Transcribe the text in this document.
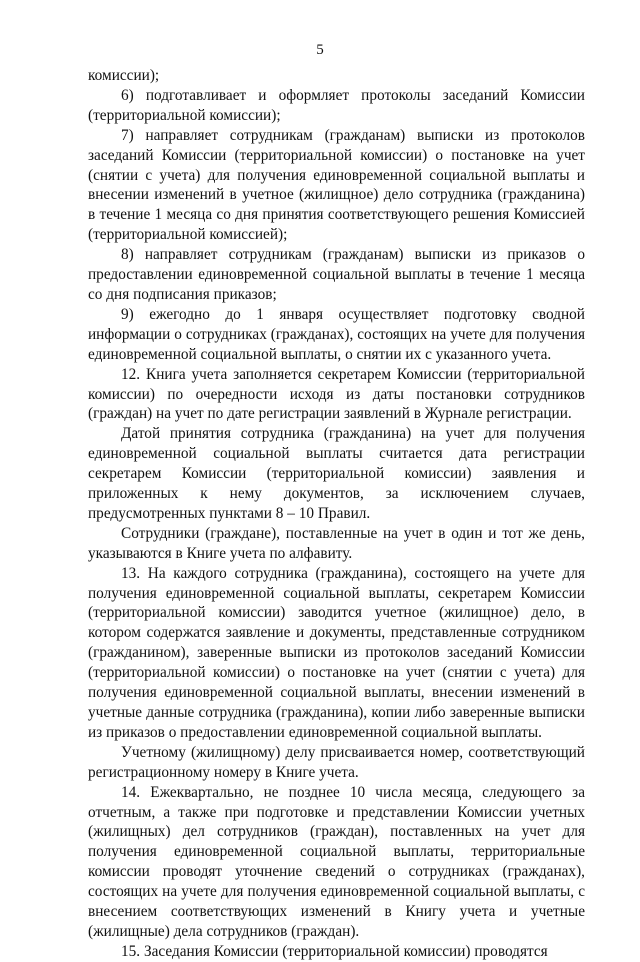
5

комиссии);

6) подготавливает и оформляет протоколы заседаний Комиссии (территориальной комиссии);

7) направляет сотрудникам (гражданам) выписки из протоколов заседаний Комиссии (территориальной комиссии) о постановке на учет (снятии с учета) для получения единовременной социальной выплаты и внесении изменений в учетное (жилищное) дело сотрудника (гражданина) в течение 1 месяца со дня принятия соответствующего решения Комиссией (территориальной комиссией);

8) направляет сотрудникам (гражданам) выписки из приказов о предоставлении единовременной социальной выплаты в течение 1 месяца со дня подписания приказов;

9) ежегодно до 1 января осуществляет подготовку сводной информации о сотрудниках (гражданах), состоящих на учете для получения единовременной социальной выплаты, о снятии их с указанного учета.

12. Книга учета заполняется секретарем Комиссии (территориальной комиссии) по очередности исходя из даты постановки сотрудников (граждан) на учет по дате регистрации заявлений в Журнале регистрации.

Датой принятия сотрудника (гражданина) на учет для получения единовременной социальной выплаты считается дата регистрации секретарем Комиссии (территориальной комиссии) заявления и приложенных к нему документов, за исключением случаев, предусмотренных пунктами 8 – 10 Правил.

Сотрудники (граждане), поставленные на учет в один и тот же день, указываются в Книге учета по алфавиту.

13. На каждого сотрудника (гражданина), состоящего на учете для получения единовременной социальной выплаты, секретарем Комиссии (территориальной комиссии) заводится учетное (жилищное) дело, в котором содержатся заявление и документы, представленные сотрудником (гражданином), заверенные выписки из протоколов заседаний Комиссии (территориальной комиссии) о постановке на учет (снятии с учета) для получения единовременной социальной выплаты, внесении изменений в учетные данные сотрудника (гражданина), копии либо заверенные выписки из приказов о предоставлении единовременной социальной выплаты.

Учетному (жилищному) делу присваивается номер, соответствующий регистрационному номеру в Книге учета.

14. Ежеквартально, не позднее 10 числа месяца, следующего за отчетным, а также при подготовке и представлении Комиссии учетных (жилищных) дел сотрудников (граждан), поставленных на учет для получения единовременной социальной выплаты, территориальные комиссии проводят уточнение сведений о сотрудниках (гражданах), состоящих на учете для получения единовременной социальной выплаты, с внесением соответствующих изменений в Книгу учета и учетные (жилищные) дела сотрудников (граждан).

15. Заседания Комиссии (территориальной комиссии) проводятся
